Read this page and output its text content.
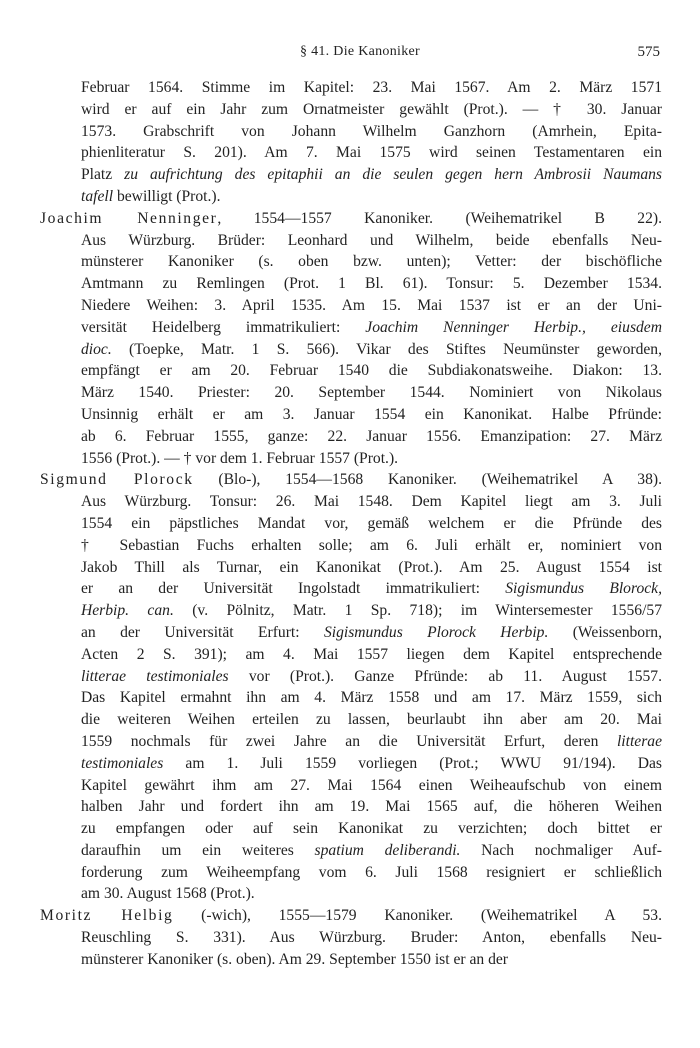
§ 41. Die Kanoniker	575
Februar 1564. Stimme im Kapitel: 23. Mai 1567. Am 2. März 1571
wird er auf ein Jahr zum Ornatmeister gewählt (Prot.). — † 30. Januar
1573. Grabschrift von Johann Wilhelm Ganzhorn (Amrhein, Epita-
phienliteratur S. 201). Am 7. Mai 1575 wird seinen Testamentaren ein
Platz zu aufrichtung des epitaphii an die seulen gegen hern Ambrosii Naumans
tafell bewilligt (Prot.).
Joachim Nenninger, 1554—1557 Kanoniker. (Weihematrikel B 22).
Aus Würzburg. Brüder: Leonhard und Wilhelm, beide ebenfalls Neu-
münsterer Kanoniker (s. oben bzw. unten); Vetter: der bischöfliche
Amtmann zu Remlingen (Prot. 1 Bl. 61). Tonsur: 5. Dezember 1534.
Niedere Weihen: 3. April 1535. Am 15. Mai 1537 ist er an der Uni-
versität Heidelberg immatrikuliert: Joachim Nenninger Herbip., eiusdem
dioc. (Toepke, Matr. 1 S. 566). Vikar des Stiftes Neumünster geworden,
empfängt er am 20. Februar 1540 die Subdiakonatsweihe. Diakon: 13.
März 1540. Priester: 20. September 1544. Nominiert von Nikolaus
Unsinnig erhält er am 3. Januar 1554 ein Kanonikat. Halbe Pfründe:
ab 6. Februar 1555, ganze: 22. Januar 1556. Emanzipation: 27. März
1556 (Prot.). — † vor dem 1. Februar 1557 (Prot.).
Sigmund Plorock (Blo-), 1554—1568 Kanoniker. (Weihematrikel A 38).
Aus Würzburg. Tonsur: 26. Mai 1548. Dem Kapitel liegt am 3. Juli
1554 ein päpstliches Mandat vor, gemäß welchem er die Pfründe des
† Sebastian Fuchs erhalten solle; am 6. Juli erhält er, nominiert von
Jakob Thill als Turnar, ein Kanonikat (Prot.). Am 25. August 1554 ist
er an der Universität Ingolstadt immatrikuliert: Sigismundus Blorock,
Herbip. can. (v. Pölnitz, Matr. 1 Sp. 718); im Wintersemester 1556/57
an der Universität Erfurt: Sigismundus Plorock Herbip. (Weissenborn,
Acten 2 S. 391); am 4. Mai 1557 liegen dem Kapitel entsprechende
litterae testimoniales vor (Prot.). Ganze Pfründe: ab 11. August 1557.
Das Kapitel ermahnt ihn am 4. März 1558 und am 17. März 1559, sich
die weiteren Weihen erteilen zu lassen, beurlaubt ihn aber am 20. Mai
1559 nochmals für zwei Jahre an die Universität Erfurt, deren litterae
testimoniales am 1. Juli 1559 vorliegen (Prot.; WWU 91/194). Das
Kapitel gewährt ihm am 27. Mai 1564 einen Weiheaufschub von einem
halben Jahr und fordert ihn am 19. Mai 1565 auf, die höheren Weihen
zu empfangen oder auf sein Kanonikat zu verzichten; doch bittet er
daraufhin um ein weiteres spatium deliberandi. Nach nochmaliger Auf-
forderung zum Weiheempfang vom 6. Juli 1568 resigniert er schließlich
am 30. August 1568 (Prot.).
Moritz Helbig (-wich), 1555—1579 Kanoniker. (Weihematrikel A 53.
Reuschling S. 331). Aus Würzburg. Bruder: Anton, ebenfalls Neu-
münsterer Kanoniker (s. oben). Am 29. September 1550 ist er an der
